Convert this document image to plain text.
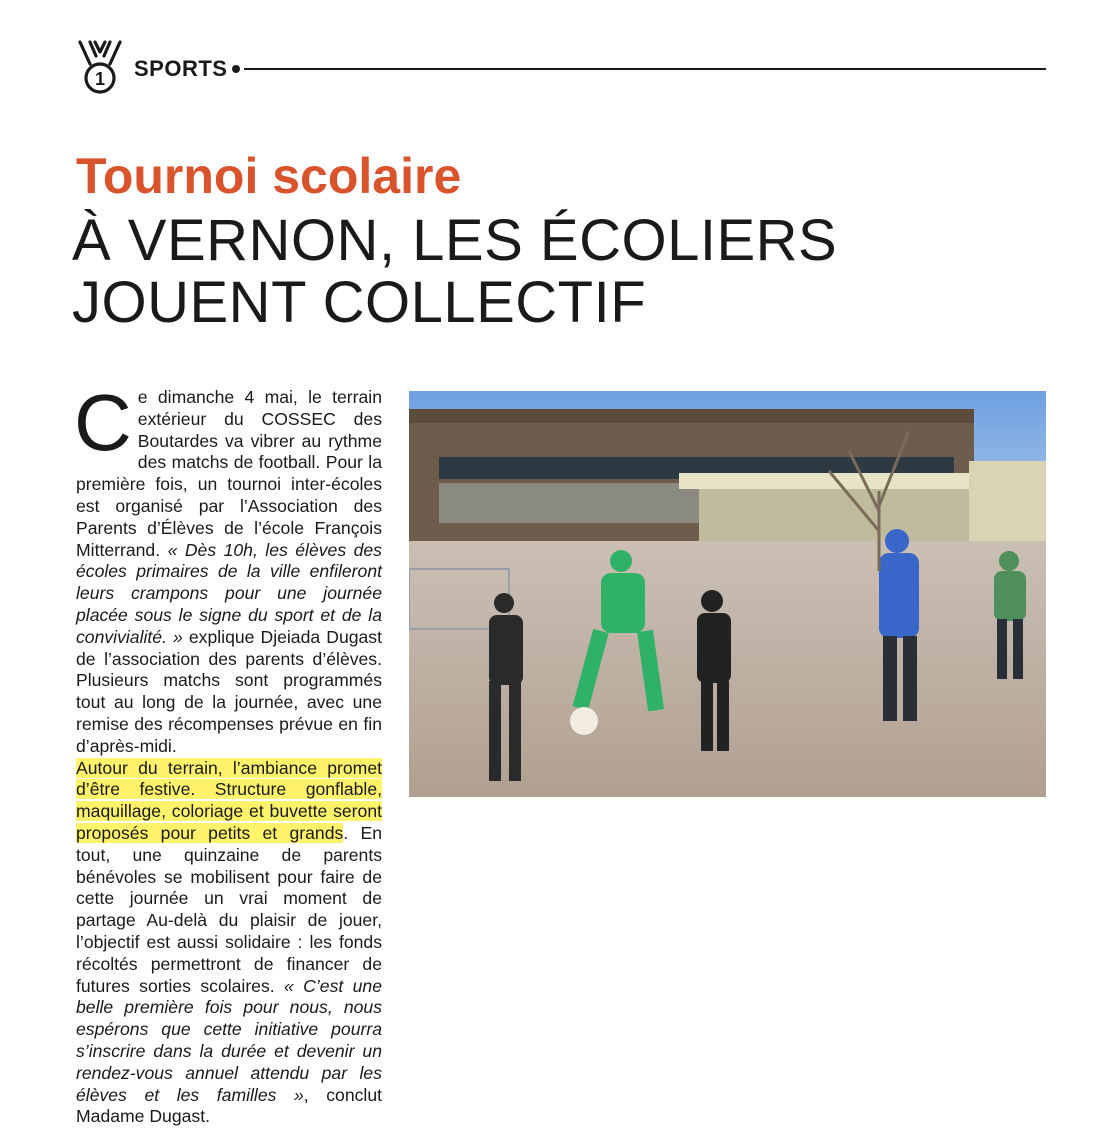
1 SPORTS
Tournoi scolaire
À VERNON, LES ÉCOLIERS
JOUENT COLLECTIF

Ce dimanche 4 mai, le terrain extérieur du COSSEC des Boutardes va vibrer au rythme des matchs de football. Pour la première fois, un tournoi inter-écoles est organisé par l’Association des Parents d’Élèves de l’école François Mitterrand. « Dès 10h, les élèves des écoles primaires de la ville enfileront leurs crampons pour une journée placée sous le signe du sport et de la convivialité. » explique Djeiada Dugast de l’association des parents d’élèves. Plusieurs matchs sont programmés tout au long de la journée, avec une remise des récompenses prévue en fin d’après-midi.

Autour du terrain, l’ambiance promet d’être festive. Structure gonflable, maquillage, coloriage et buvette seront proposés pour petits et grands. En tout, une quinzaine de parents bénévoles se mobilisent pour faire de cette journée un vrai moment de partage Au-delà du plaisir de jouer, l’objectif est aussi solidaire : les fonds récoltés permettront de financer de futures sorties scolaires. « C’est une belle première fois pour nous, nous espérons que cette initiative pourra s’inscrire dans la durée et devenir un rendez-vous annuel attendu par les élèves et les familles », conclut Madame Dugast.
